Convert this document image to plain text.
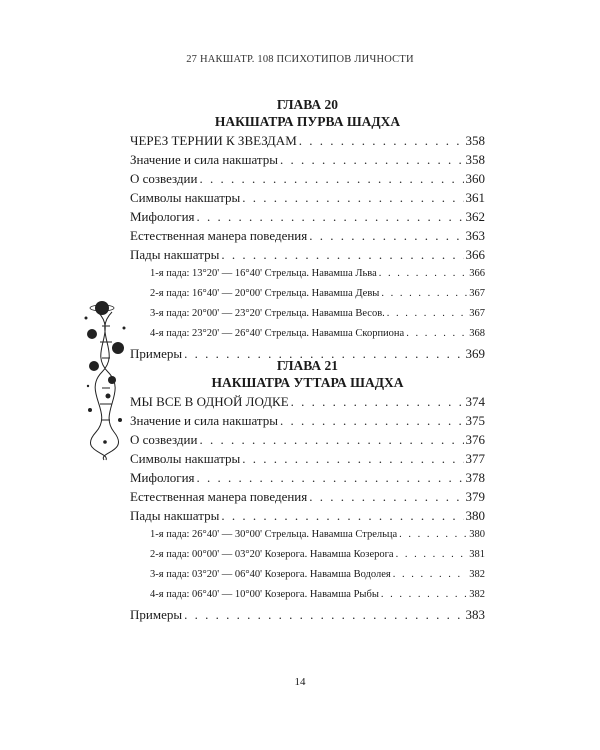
27 НАКШАТР. 108 ПСИХОТИПОВ ЛИЧНОСТИ
ГЛАВА 20
НАКШАТРА ПУРВА ШАДХА
ЧЕРЕЗ ТЕРНИИ К ЗВЕЗДАМ . . .	358
Значение и сила накшатры . . .	358
О созвездии . . .	360
Символы накшатры . . .	361
Мифология . . .	362
Естественная манера поведения . . .	363
Пады накшатры . . .	366
1-я пада: 13°20' — 16°40' Стрельца. Навамша Льва . . .	366
2-я пада: 16°40' — 20°00' Стрельца. Навамша Девы . . .	367
3-я пада: 20°00' — 23°20' Стрельца. Навамша Весов. . . .	367
4-я пада: 23°20' — 26°40' Стрельца. Навамша Скорпиона . . .	368
Примеры . . .	369
ГЛАВА 21
НАКШАТРА УТТАРА ШАДХА
МЫ ВСЕ В ОДНОЙ ЛОДКЕ . . .	374
Значение и сила накшатры . . .	375
О созвездии . . .	376
Символы накшатры . . .	377
Мифология . . .	378
Естественная манера поведения . . .	379
Пады накшатры . . .	380
1-я пада: 26°40' — 30°00' Стрельца. Навамша Стрельца . . .	380
2-я пада: 00°00' — 03°20' Козерога. Навамша Козерога . . .	381
3-я пада: 03°20' — 06°40' Козерога. Навамша Водолея . . .	382
4-я пада: 06°40' — 10°00' Козерога. Навамша Рыбы . . .	382
Примеры . . .	383
14
